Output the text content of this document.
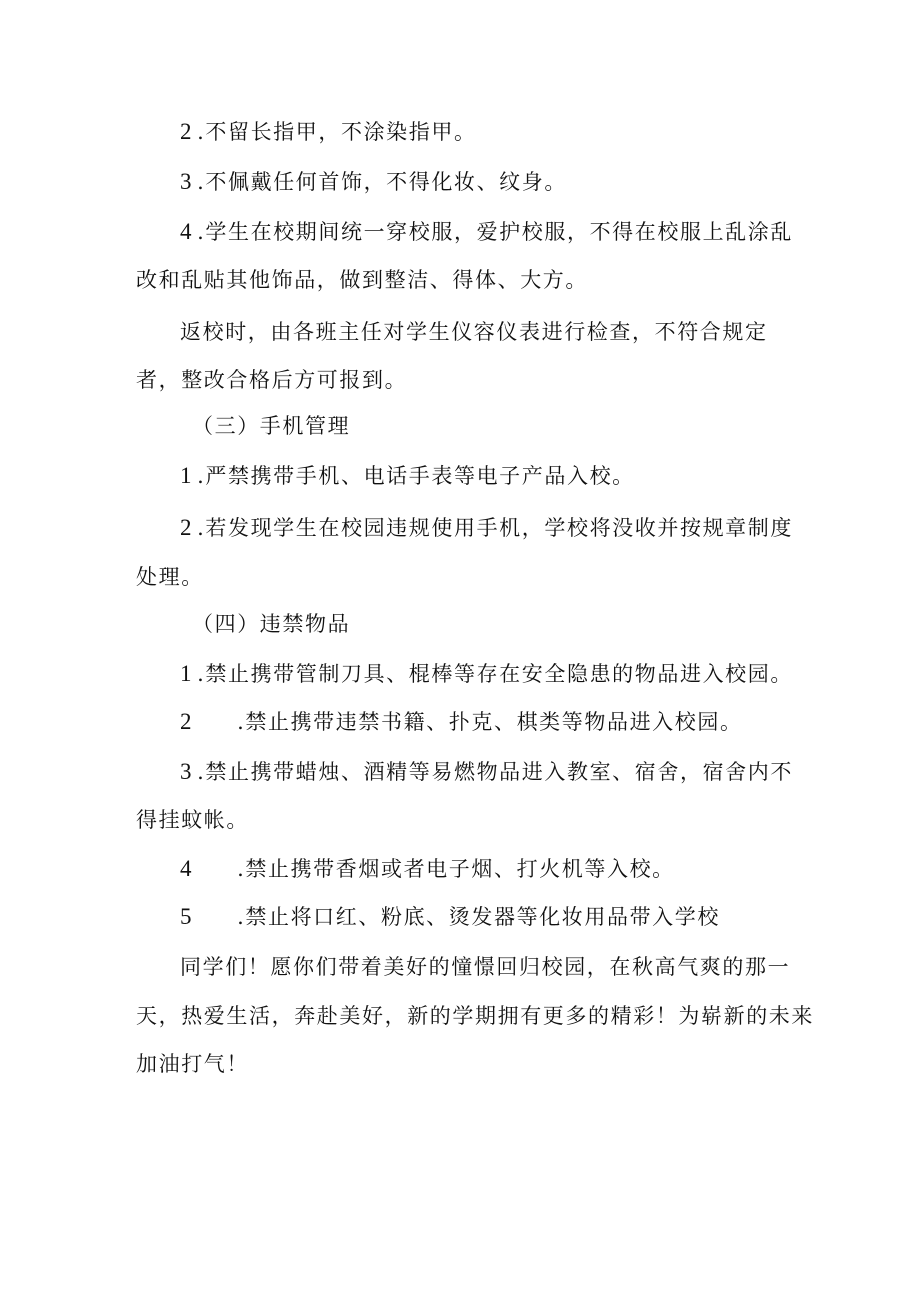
2 .不留长指甲，不涂染指甲。
3 .不佩戴任何首饰，不得化妆、纹身。
4 .学生在校期间统一穿校服，爱护校服，不得在校服上乱涂乱
改和乱贴其他饰品，做到整洁、得体、大方。
返校时，由各班主任对学生仪容仪表进行检查，不符合规定
者，整改合格后方可报到。
（三）手机管理
1 .严禁携带手机、电话手表等电子产品入校。
2 .若发现学生在校园违规使用手机，学校将没收并按规章制度
处理。
（四）违禁物品
1 .禁止携带管制刀具、棍棒等存在安全隐患的物品进入校园。
2 .禁止携带违禁书籍、扑克、棋类等物品进入校园。
3 .禁止携带蜡烛、酒精等易燃物品进入教室、宿舍，宿舍内不
得挂蚊帐。
4 .禁止携带香烟或者电子烟、打火机等入校。
5 .禁止将口红、粉底、烫发器等化妆用品带入学校
同学们！愿你们带着美好的憧憬回归校园，在秋高气爽的那一
天，热爱生活，奔赴美好，新的学期拥有更多的精彩！为崭新的未来
加油打气！
